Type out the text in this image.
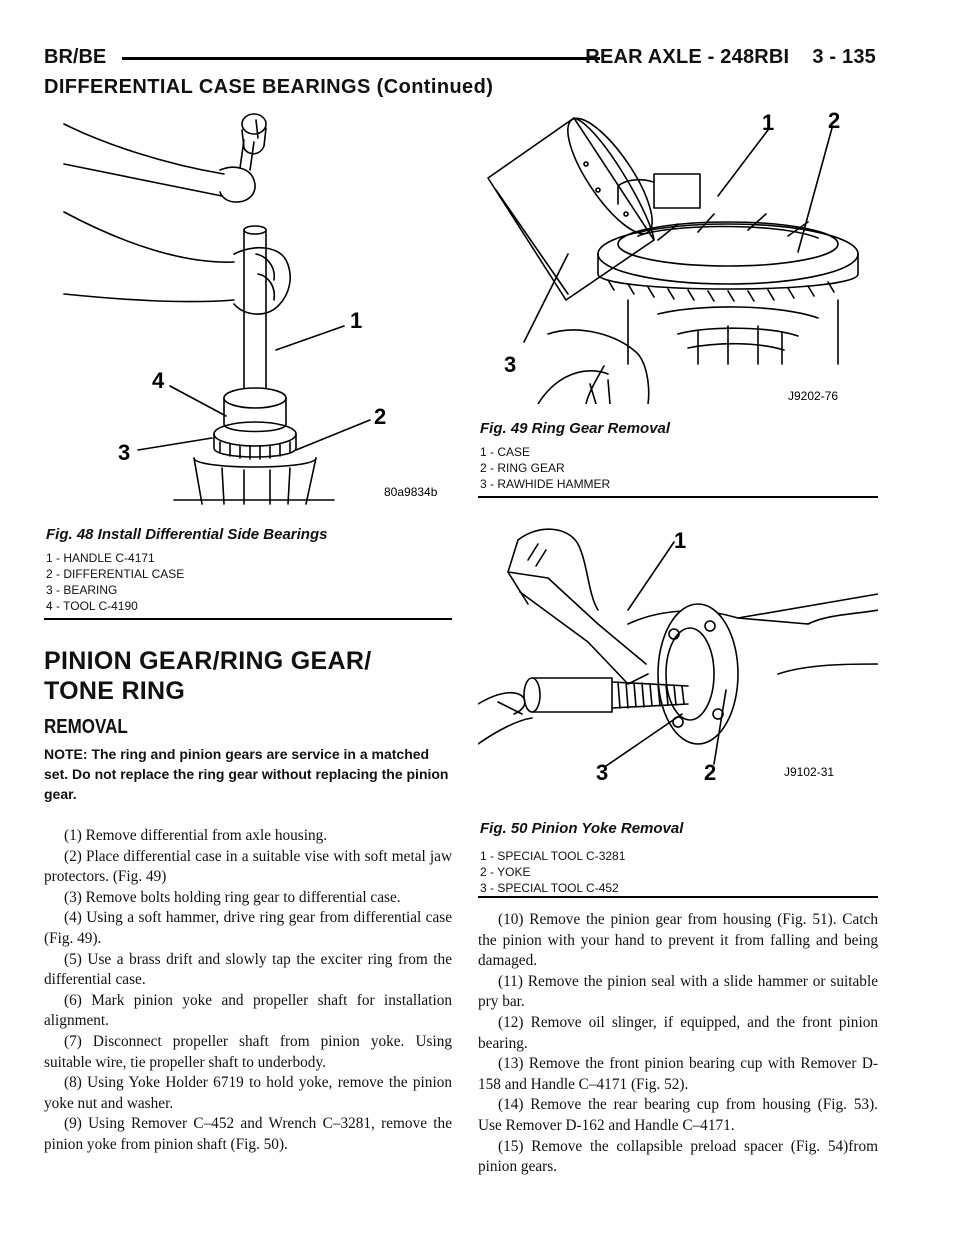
BR/BE	REAR AXLE - 248RBI    3 - 135
DIFFERENTIAL CASE BEARINGS (Continued)
1
2
3
4
80a9834b
Fig. 48 Install Differential Side Bearings
1 - HANDLE C-4171
2 - DIFFERENTIAL CASE
3 - BEARING
4 - TOOL C-4190
1 2
3
J9202-76
Fig. 49 Ring Gear Removal
1 - CASE
2 - RING GEAR
3 - RAWHIDE HAMMER
1
3	2	J9102-31
Fig. 50 Pinion Yoke Removal
1 - SPECIAL TOOL C-3281
2 - YOKE
3 - SPECIAL TOOL C-452
PINION GEAR/RING GEAR/
TONE RING
REMOVAL
NOTE: The ring and pinion gears are service in a matched set. Do not replace the ring gear without replacing the pinion gear.

(1) Remove differential from axle housing.

(2) Place differential case in a suitable vise with soft metal jaw protectors. (Fig. 49)

(3) Remove bolts holding ring gear to differential case.

(4) Using a soft hammer, drive ring gear from differential case (Fig. 49).

(5) Use a brass drift and slowly tap the exciter ring from the differential case.

(6) Mark pinion yoke and propeller shaft for installation alignment.

(7) Disconnect propeller shaft from pinion yoke. Using suitable wire, tie propeller shaft to underbody.

(8) Using Yoke Holder 6719 to hold yoke, remove the pinion yoke nut and washer.

(9) Using Remover C–452 and Wrench C–3281, remove the pinion yoke from pinion shaft (Fig. 50).

(10) Remove the pinion gear from housing (Fig. 51). Catch the pinion with your hand to prevent it from falling and being damaged.

(11) Remove the pinion seal with a slide hammer or suitable pry bar.

(12) Remove oil slinger, if equipped, and the front pinion bearing.

(13) Remove the front pinion bearing cup with Remover D-158 and Handle C–4171 (Fig. 52).

(14) Remove the rear bearing cup from housing (Fig. 53). Use Remover D-162 and Handle C–4171.

(15) Remove the collapsible preload spacer (Fig. 54)from pinion gears.
